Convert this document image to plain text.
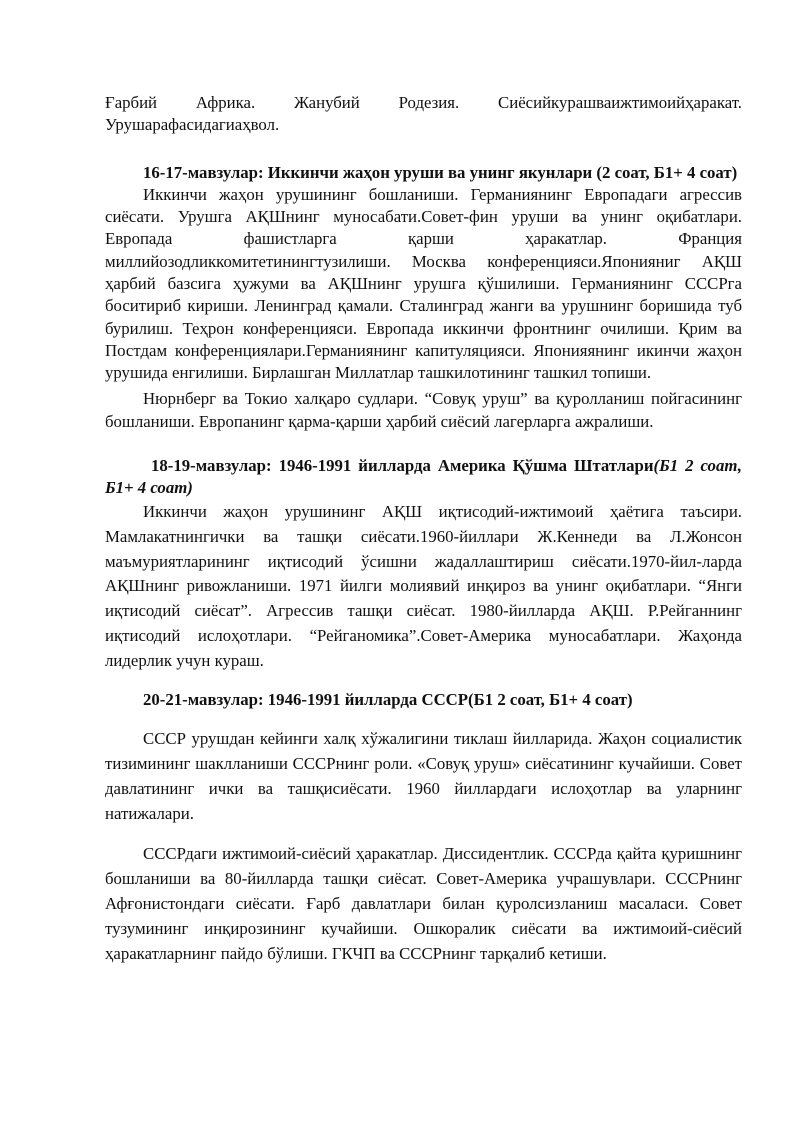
Ғарбий Африка. Жанубий Родезия. Сиёсийкурашваижтимоийҳаракат. Урушарафасидагиаҳвол.

16-17-мавзулар: Иккинчи жаҳон уруши ва унинг якунлари (2 соат, Б1+ 4 соат)

Иккинчи жаҳон урушининг бошланиши. Германиянинг Европадаги агрессив сиёсати. Урушга АҚШнинг муносабати.Совет-фин уруши ва унинг оқибатлари. Европада фашистларга қарши ҳаракатлар. Франция миллийозодликкомитетинингтузилиши. Москва конференцияси.Японияниг АҚШ ҳарбий базсига ҳужуми ва АҚШнинг урушга қўшилиши. Германиянинг СССРга боситириб кириши. Ленинград қамали. Сталинград жанги ва урушнинг боришида туб бурилиш. Теҳрон конференцияси. Европада иккинчи фронтнинг очилиши. Қрим ва Постдам конференциялари.Германиянинг капитуляцияси. Японияянинг икинчи жаҳон урушида енгилиши. Бирлашган Миллатлар ташкилотининг ташкил топиши.

Нюрнберг ва Токио халқаро судлари. “Совуқ уруш” ва қуролланиш пойгасининг бошланиши. Европанинг қарма-қарши ҳарбий сиёсий лагерларга ажралиши.

18-19-мавзулар: 1946-1991 йилларда Америка Қўшма Штатлари(Б1 2 соат, Б1+ 4 соат)

Иккинчи жаҳон урушининг АҚШ иқтисодий-ижтимоий ҳаётига таъсири. Мамлакатнингички ва ташқи сиёсати.1960-йиллари Ж.Кеннеди ва Л.Жонсон маъмуриятларининг иқтисодий ўсишни жадаллаштириш сиёсати.1970-йил-ларда АҚШнинг ривожланиши. 1971 йилги молиявий инқироз ва унинг оқибатлари. “Янги иқтисодий сиёсат”. Агрессив ташқи сиёсат. 1980-йилларда АҚШ. Р.Рейганнинг иқтисодий ислоҳотлари. “Рейганомика”.Совет-Америка муносабатлари. Жаҳонда лидерлик учун кураш.

20-21-мавзулар: 1946-1991 йилларда СССР(Б1 2 соат, Б1+ 4 соат)

СССР урушдан кейинги халқ хўжалигини тиклаш йилларида. Жаҳон социалистик тизимининг шаклланиши СССРнинг роли. «Совуқ уруш» сиёсатининг кучайиши. Совет давлатининг ички ва ташқисиёсати. 1960 йиллардаги ислоҳотлар ва уларнинг натижалари.

СССРдаги ижтимоий-сиёсий ҳаракатлар. Диссидентлик. СССРда қайта қуришнинг бошланиши ва 80-йилларда ташқи сиёсат. Совет-Америка учрашувлари. СССРнинг Афғонистондаги сиёсати. Ғарб давлатлари билан қуролсизланиш масаласи. Совет тузумининг инқирозининг кучайиши. Ошкоралик сиёсати ва ижтимоий-сиёсий ҳаракатларнинг пайдо бўлиши. ГКЧП ва СССРнинг тарқалиб кетиши.
